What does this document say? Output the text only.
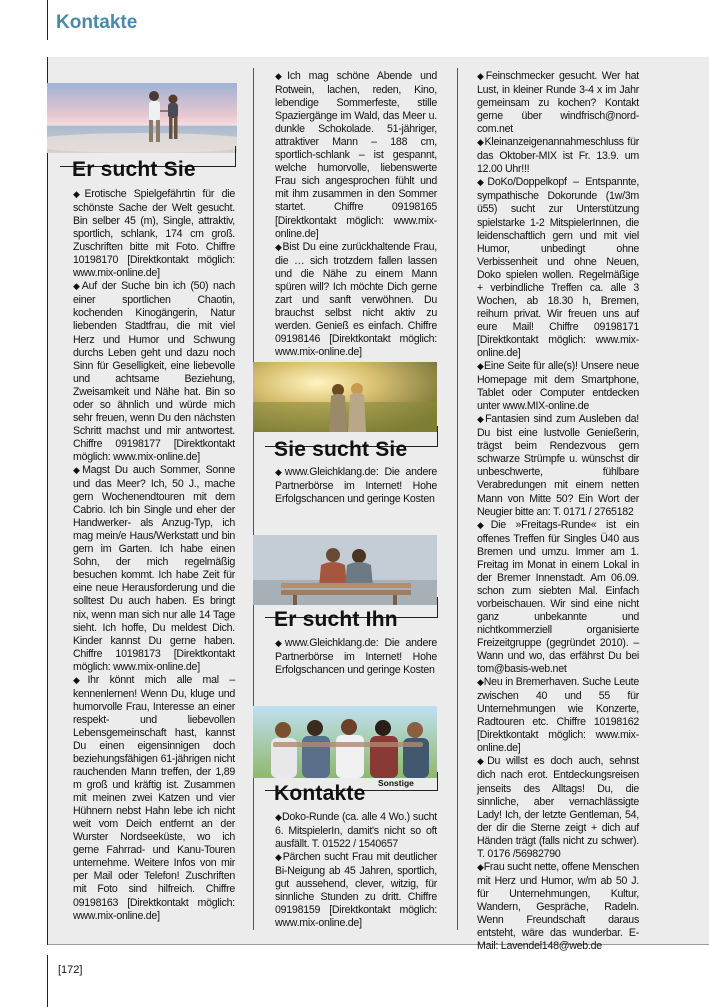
Kontakte
Er sucht Sie

◆Erotische Spielgefährtin für die schönste Sache der Welt gesucht. Bin selber 45 (m), Single, attraktiv, sportlich, schlank, 174 cm groß. Zuschriften bitte mit Foto. Chiffre 10198170 [Direktkontakt möglich: www.mix-online.de]

◆Auf der Suche bin ich (50) nach einer sportlichen Chaotin, kochenden Kinogängerin, Natur liebenden Stadtfrau, die mit viel Herz und Humor und Schwung durchs Leben geht und dazu noch Sinn für Geselligkeit, eine liebevolle und achtsame Beziehung, Zweisamkeit und Nähe hat. Bin so oder so ähnlich und würde mich sehr freuen, wenn Du den nächsten Schritt machst und mir antwortest. Chiffre 09198177 [Direktkontakt möglich: www.mix-online.de]

◆Magst Du auch Sommer, Sonne und das Meer? Ich, 50 J., mache gern Wochenendtouren mit dem Cabrio. Ich bin Single und eher der Handwerker- als Anzug-Typ, ich mag mein/e Haus/Werkstatt und bin gern im Garten. Ich habe einen Sohn, der mich regelmäßig besuchen kommt. Ich habe Zeit für eine neue Herausforderung und die solltest Du auch haben. Es bringt nix, wenn man sich nur alle 14 Tage sieht. Ich hoffe, Du meldest Dich. Kinder kannst Du gerne haben. Chiffre 10198173 [Direktkontakt möglich: www.mix-online.de]

◆Ihr könnt mich alle mal – kennenlernen! Wenn Du, kluge und humorvolle Frau, Interesse an einer respekt- und liebevollen Lebensgemeinschaft hast, kannst Du einen eigensinnigen doch beziehungsfähigen 61-jährigen nicht rauchenden Mann treffen, der 1,89 m groß und kräftig ist. Zusammen mit meinen zwei Katzen und vier Hühnern nebst Hahn lebe ich nicht weit vom Deich entfernt an der Wurster Nordseeküste, wo ich gerne Fahrrad- und Kanu-Touren unternehme. Weitere Infos von mir per Mail oder Telefon! Zuschriften mit Foto sind hilfreich. Chiffre 09198163 [Direktkontakt möglich: www.mix-online.de]

◆Ich mag schöne Abende und Rotwein, lachen, reden, Kino, lebendige Sommerfeste, stille Spaziergänge im Wald, das Meer u. dunkle Schokolade. 51-jähriger, attraktiver Mann – 188 cm, sportlich-schlank – ist gespannt, welche humorvolle, liebenswerte Frau sich angesprochen fühlt und mit ihm zusammen in den Sommer startet. Chiffre 09198165 [Direktkontakt möglich: www.mix-online.de]

◆Bist Du eine zurückhaltende Frau, die … sich trotzdem fallen lassen und die Nähe zu einem Mann spüren will? Ich möchte Dich gerne zart und sanft verwöhnen. Du brauchst selbst nicht aktiv zu werden. Genieß es einfach. Chiffre 09198146 [Direktkontakt möglich: www.mix-online.de]

Sie sucht Sie

◆www.Gleichklang.de: Die andere Partnerbörse im Internet! Hohe Erfolgschancen und geringe Kosten

Er sucht Ihn

◆www.Gleichklang.de: Die andere Partnerbörse im Internet! Hohe Erfolgschancen und geringe Kosten

Sonstige
Kontakte

◆Doko-Runde (ca. alle 4 Wo.) sucht 6. MitspielerIn, damit's nicht so oft ausfällt. T. 01522 / 1540657

◆Pärchen sucht Frau mit deutlicher Bi-Neigung ab 45 Jahren, sportlich, gut aussehend, clever, witzig, für sinnliche Stunden zu dritt. Chiffre 09198159 [Direktkontakt möglich: www.mix-online.de]

◆Feinschmecker gesucht. Wer hat Lust, in kleiner Runde 3-4 x im Jahr gemeinsam zu kochen? Kontakt gerne über windfrisch@nord-com.net

◆Kleinanzeigenannahmeschluss für das Oktober-MIX ist Fr. 13.9. um 12.00 Uhr!!!

◆DoKo/Doppelkopf – Entspannte, sympathische Dokorunde (1w/3m ü55) sucht zur Unterstützung spielstarke 1-2 MitspielerInnen, die leidenschaftlich gern und mit viel Humor, unbedingt ohne Verbissenheit und ohne Neuen, Doko spielen wollen. Regelmäßige + verbindliche Treffen ca. alle 3 Wochen, ab 18.30 h, Bremen, reihum privat. Wir freuen uns auf eure Mail! Chiffre 09198171 [Direktkontakt möglich: www.mix-online.de]

◆Eine Seite für alle(s)! Unsere neue Homepage mit dem Smartphone, Tablet oder Computer entdecken unter www.MIX-online.de

◆Fantasien sind zum Ausleben da! Du bist eine lustvolle Genießerin, trägst beim Rendezvous gern schwarze Strümpfe u. wünschst dir unbeschwerte, fühlbare Verabredungen mit einem netten Mann von Mitte 50? Ein Wort der Neugier bitte an: T. 0171 / 2765182

◆Die »Freitags-Runde« ist ein offenes Treffen für Singles Ü40 aus Bremen und umzu. Immer am 1. Freitag im Monat in einem Lokal in der Bremer Innenstadt. Am 06.09. schon zum siebten Mal. Einfach vorbeischauen. Wir sind eine nicht ganz unbekannte und nichtkommerziell organisierte Freizeitgruppe (gegründet 2010). – Wann und wo, das erfährst Du bei tom@basis-web.net

◆Neu in Bremerhaven. Suche Leute zwischen 40 und 55 für Unternehmungen wie Konzerte, Radtouren etc. Chiffre 10198162 [Direktkontakt möglich: www.mix-online.de]

◆Du willst es doch auch, sehnst dich nach erot. Entdeckungsreisen jenseits des Alltags! Du, die sinnliche, aber vernachlässigte Lady! Ich, der letzte Gentleman, 54, der dir die Sterne zeigt + dich auf Händen trägt (falls nicht zu schwer). T. 0176 /56982790

◆Frau sucht nette, offene Menschen mit Herz und Humor, w/m ab 50 J. für Unternehmungen, Kultur, Wandern, Gespräche, Radeln. Wenn Freundschaft daraus entsteht, wäre das wunderbar. E-Mail: Lavendel148@web.de

[172]
